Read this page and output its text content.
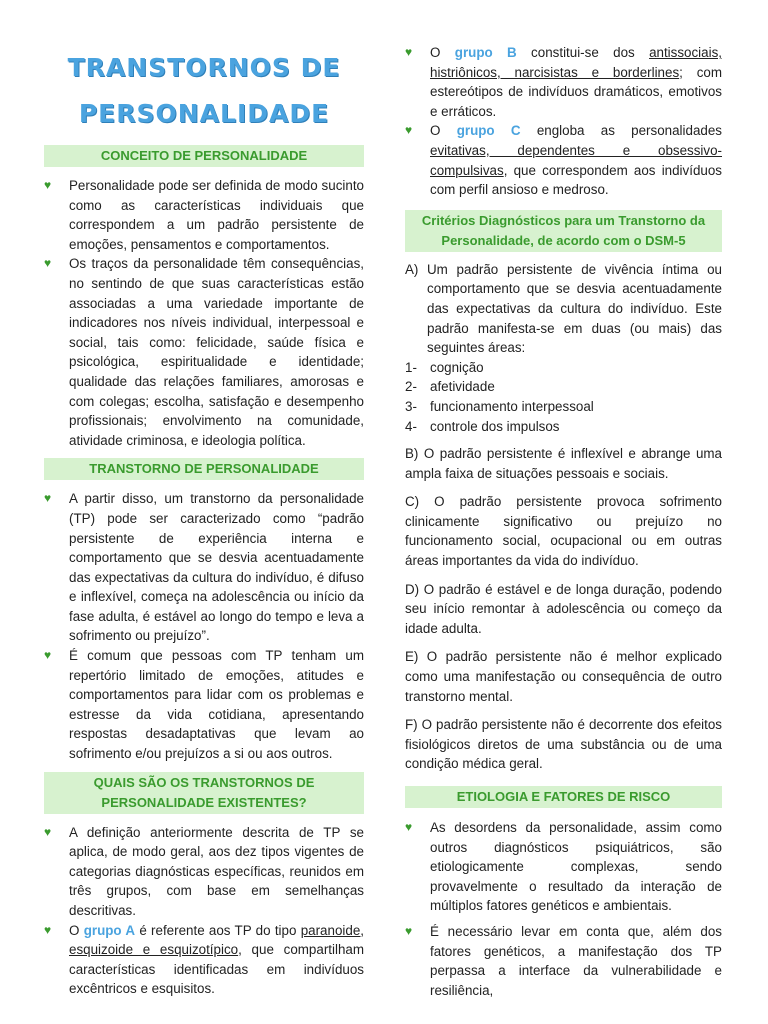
TRANSTORNOS DE
PERSONALIDADE
CONCEITO DE PERSONALIDADE
♥ Personalidade pode ser definida de modo sucinto como as características individuais que correspondem a um padrão persistente de emoções, pensamentos e comportamentos.
♥ Os traços da personalidade têm consequências, no sentindo de que suas características estão associadas a uma variedade importante de indicadores nos níveis individual, interpessoal e social, tais como: felicidade, saúde física e psicológica, espiritualidade e identidade; qualidade das relações familiares, amorosas e com colegas; escolha, satisfação e desempenho profissionais; envolvimento na comunidade, atividade criminosa, e ideologia política.
TRANSTORNO DE PERSONALIDADE
♥ A partir disso, um transtorno da personalidade (TP) pode ser caracterizado como “padrão persistente de experiência interna e comportamento que se desvia acentuadamente das expectativas da cultura do indivíduo, é difuso e inflexível, começa na adolescência ou início da fase adulta, é estável ao longo do tempo e leva a sofrimento ou prejuízo”.
♥ É comum que pessoas com TP tenham um repertório limitado de emoções, atitudes e comportamentos para lidar com os problemas e estresse da vida cotidiana, apresentando respostas desadaptativas que levam ao sofrimento e/ou prejuízos a si ou aos outros.
QUAIS SÃO OS TRANSTORNOS DE
PERSONALIDADE EXISTENTES?
♥ A definição anteriormente descrita de TP se aplica, de modo geral, aos dez tipos vigentes de categorias diagnósticas específicas, reunidos em três grupos, com base em semelhanças descritivas.
♥ O grupo A é referente aos TP do tipo paranoide, esquizoide e esquizotípico, que compartilham características identificadas em indivíduos excêntricos e esquisitos.
♥ O grupo B constitui-se dos antissociais, histriônicos, narcisistas e borderlines; com estereótipos de indivíduos dramáticos, emotivos e erráticos.
♥ O grupo C engloba as personalidades evitativas, dependentes e obsessivo-compulsivas, que correspondem aos indivíduos com perfil ansioso e medroso.
Critérios Diagnósticos para um Transtorno da
Personalidade, de acordo com o DSM-5
A) Um padrão persistente de vivência íntima ou comportamento que se desvia acentuadamente das expectativas da cultura do indivíduo. Este padrão manifesta-se em duas (ou mais) das seguintes áreas:
1- cognição
2- afetividade
3- funcionamento interpessoal
4- controle dos impulsos

B) O padrão persistente é inflexível e abrange uma ampla faixa de situações pessoais e sociais.

C) O padrão persistente provoca sofrimento clinicamente significativo ou prejuízo no funcionamento social, ocupacional ou em outras áreas importantes da vida do indivíduo.

D) O padrão é estável e de longa duração, podendo seu início remontar à adolescência ou começo da idade adulta.

E) O padrão persistente não é melhor explicado como uma manifestação ou consequência de outro transtorno mental.

F) O padrão persistente não é decorrente dos efeitos fisiológicos diretos de uma substância ou de uma condição médica geral.

ETIOLOGIA E FATORES DE RISCO
♥ As desordens da personalidade, assim como outros diagnósticos psiquiátricos, são etiologicamente complexas, sendo provavelmente o resultado da interação de múltiplos fatores genéticos e ambientais.
♥ É necessário levar em conta que, além dos fatores genéticos, a manifestação dos TP perpassa a interface da vulnerabilidade e resiliência,
